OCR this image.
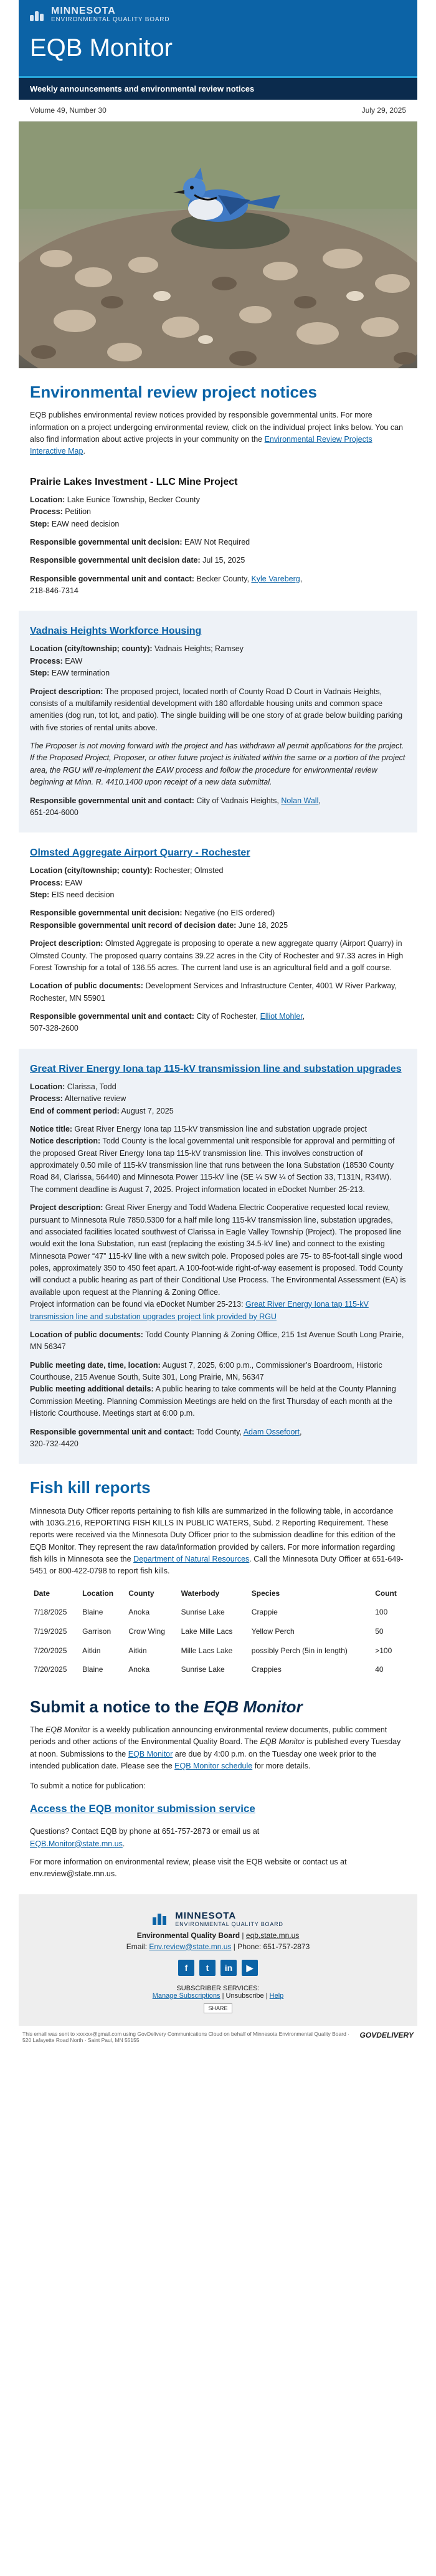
MINNESOTA
ENVIRONMENTAL QUALITY BOARD
EQB Monitor
Weekly announcements and environmental review notices
Volume 49, Number 30	July 29, 2025
Environmental review project notices

EQB publishes environmental review notices provided by responsible governmental units. For more information on a project undergoing environmental review, click on the individual project links below. You can also find information about active projects in your community on the Environmental Review Projects Interactive Map.

Prairie Lakes Investment - LLC Mine Project

Location: Lake Eunice Township, Becker County
Process: Petition
Step: EAW need decision

Responsible governmental unit decision: EAW Not Required

Responsible governmental unit decision date: Jul 15, 2025

Responsible governmental unit and contact: Becker County, Kyle Vareberg,
218-846-7314

Vadnais Heights Workforce Housing

Location (city/township; county): Vadnais Heights; Ramsey
Process: EAW
Step: EAW termination

Project description: The proposed project, located north of County Road D Court in Vadnais Heights, consists of a multifamily residential development with 180 affordable housing units and common space amenities (dog run, tot lot, and patio). The single building will be one story of at grade below building parking with five stories of rental units above.

The Proposer is not moving forward with the project and has withdrawn all permit applications for the project. If the Proposed Project, Proposer, or other future project is initiated within the same or a portion of the project area, the RGU will re-implement the EAW process and follow the procedure for environmental review beginning at Minn. R. 4410.1400 upon receipt of a new data submittal.

Responsible governmental unit and contact: City of Vadnais Heights, Nolan Wall,
651-204-6000

Olmsted Aggregate Airport Quarry - Rochester

Location (city/township; county): Rochester; Olmsted
Process: EAW
Step: EIS need decision

Responsible governmental unit decision: Negative (no EIS ordered)
Responsible governmental unit record of decision date: June 18, 2025

Project description: Olmsted Aggregate is proposing to operate a new aggregate quarry (Airport Quarry) in Olmsted County. The proposed quarry contains 39.22 acres in the City of Rochester and 97.33 acres in High Forest Township for a total of 136.55 acres. The current land use is an agricultural field and a golf course.

Location of public documents: Development Services and Infrastructure Center, 4001 W River Parkway, Rochester, MN 55901

Responsible governmental unit and contact: City of Rochester, Elliot Mohler,
507-328-2600

Great River Energy Iona tap 115-kV transmission line and substation upgrades

Location: Clarissa, Todd
Process: Alternative review
End of comment period: August 7, 2025

Notice title: Great River Energy Iona tap 115-kV transmission line and substation upgrade project
Notice description: Todd County is the local governmental unit responsible for approval and permitting of the proposed Great River Energy Iona tap 115-kV transmission line. This involves construction of approximately 0.50 mile of 115-kV transmission line that runs between the Iona Substation (18530 County Road 84, Clarissa, 56440) and Minnesota Power 115-kV line (SE ¼ SW ¼ of Section 33, T131N, R34W). The comment deadline is August 7, 2025. Project information located in eDocket Number 25-213.

Project description: Great River Energy and Todd Wadena Electric Cooperative requested local review, pursuant to Minnesota Rule 7850.5300 for a half mile long 115-kV transmission line, substation upgrades, and associated facilities located southwest of Clarissa in Eagle Valley Township (Project). The proposed line would exit the Iona Substation, run east (replacing the existing 34.5-kV line) and connect to the existing Minnesota Power “47” 115-kV line with a new switch pole. Proposed poles are 75- to 85-foot-tall single wood poles, approximately 350 to 450 feet apart. A 100-foot-wide right-of-way easement is proposed. Todd County will conduct a public hearing as part of their Conditional Use Process. The Environmental Assessment (EA) is available upon request at the Planning & Zoning Office.
Project information can be found via eDocket Number 25-213: Great River Energy Iona tap 115-kV transmission line and substation upgrades project link provided by RGU

Location of public documents: Todd County Planning & Zoning Office, 215 1st Avenue South Long Prairie, MN 56347

Public meeting date, time, location: August 7, 2025, 6:00 p.m., Commissioner’s Boardroom, Historic Courthouse, 215 Avenue South, Suite 301, Long Prairie, MN, 56347
Public meeting additional details: A public hearing to take comments will be held at the County Planning Commission Meeting. Planning Commission Meetings are held on the first Thursday of each month at the Historic Courthouse. Meetings start at 6:00 p.m.

Responsible governmental unit and contact: Todd County, Adam Ossefoort,
320-732-4420

Fish kill reports

Minnesota Duty Officer reports pertaining to fish kills are summarized in the following table, in accordance with 103G.216, REPORTING FISH KILLS IN PUBLIC WATERS, Subd. 2 Reporting Requirement. These reports were received via the Minnesota Duty Officer prior to the submission deadline for this edition of the EQB Monitor. They represent the raw data/information provided by callers. For more information regarding fish kills in Minnesota see the Department of Natural Resources. Call the Minnesota Duty Officer at 651-649-5451 or 800-422-0798 to report fish kills.

Date	Location	County	Waterbody	Species	Count
7/18/2025	Blaine	Anoka	Sunrise Lake	Crappie	100
7/19/2025	Garrison	Crow Wing	Lake Mille Lacs	Yellow Perch	50
7/20/2025	Aitkin	Aitkin	Mille Lacs Lake	possibly Perch (5in in length)	>100
7/20/2025	Blaine	Anoka	Sunrise Lake	Crappies	40
Submit a notice to the EQB Monitor

The EQB Monitor is a weekly publication announcing environmental review documents, public comment periods and other actions of the Environmental Quality Board. The EQB Monitor is published every Tuesday at noon. Submissions to the EQB Monitor are due by 4:00 p.m. on the Tuesday one week prior to the intended publication date. Please see the EQB Monitor schedule for more details.

To submit a notice for publication:

Access the EQB monitor submission service

Questions? Contact EQB by phone at 651-757-2873 or email us at
EQB.Monitor@state.mn.us.

For more information on environmental review, please visit the EQB website or contact us at env.review@state.mn.us.

MINNESOTA
ENVIRONMENTAL QUALITY BOARD
Environmental Quality Board | eqb.state.mn.us
Email: Env.review@state.mn.us | Phone: 651-757-2873
f	t	in	▶
SUBSCRIBER SERVICES:
Manage Subscriptions | Unsubscribe | Help
SHARE
This email was sent to xxxxxx@gmail.com using GovDelivery Communications Cloud on behalf of Minnesota Environmental Quality Board · 520 Lafayette Road North · Saint Paul, MN 55155
GOVDELIVERY
